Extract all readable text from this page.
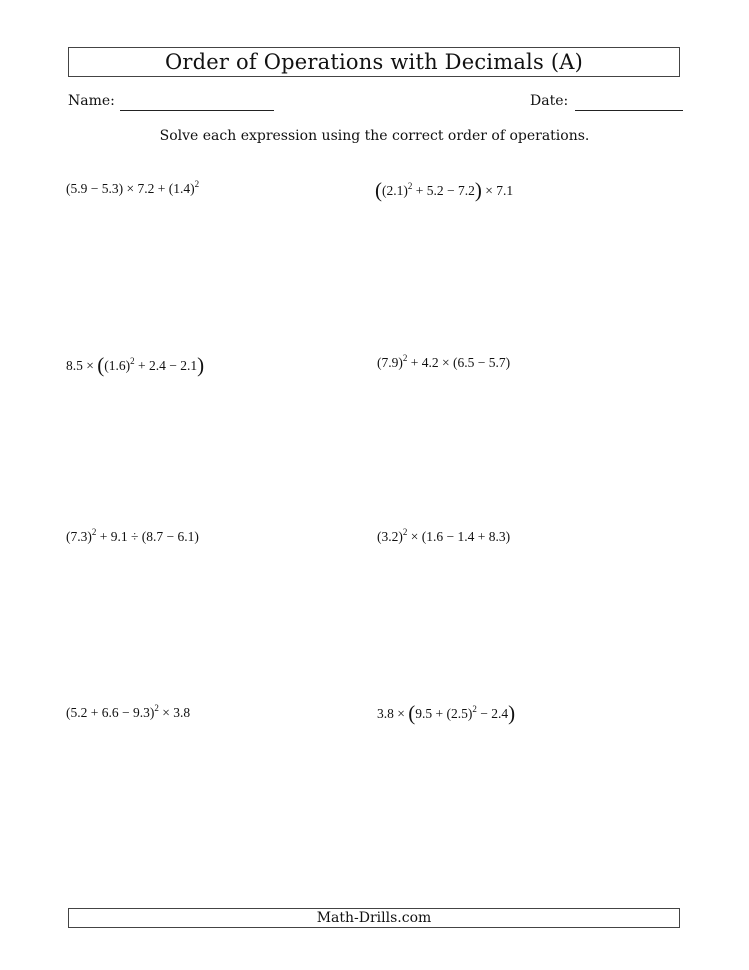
Order of Operations with Decimals (A)
Name:	Date:
Solve each expression using the correct order of operations.
$(5.9 - 5.3) \times 7.2 + (1.4)^2$	$((2.1)^2 + 5.2 - 7.2) \times 7.1$
$8.5 \times ((1.6)^2 + 2.4 - 2.1)$	$(7.9)^2 + 4.2 \times (6.5 - 5.7)$
$(7.3)^2 + 9.1 \div (8.7 - 6.1)$	$(3.2)^2 \times (1.6 - 1.4 + 8.3)$
$(5.2 + 6.6 - 9.3)^2 \times 3.8$	$3.8 \times (9.5 + (2.5)^2 - 2.4)$
Math-Drills.com
